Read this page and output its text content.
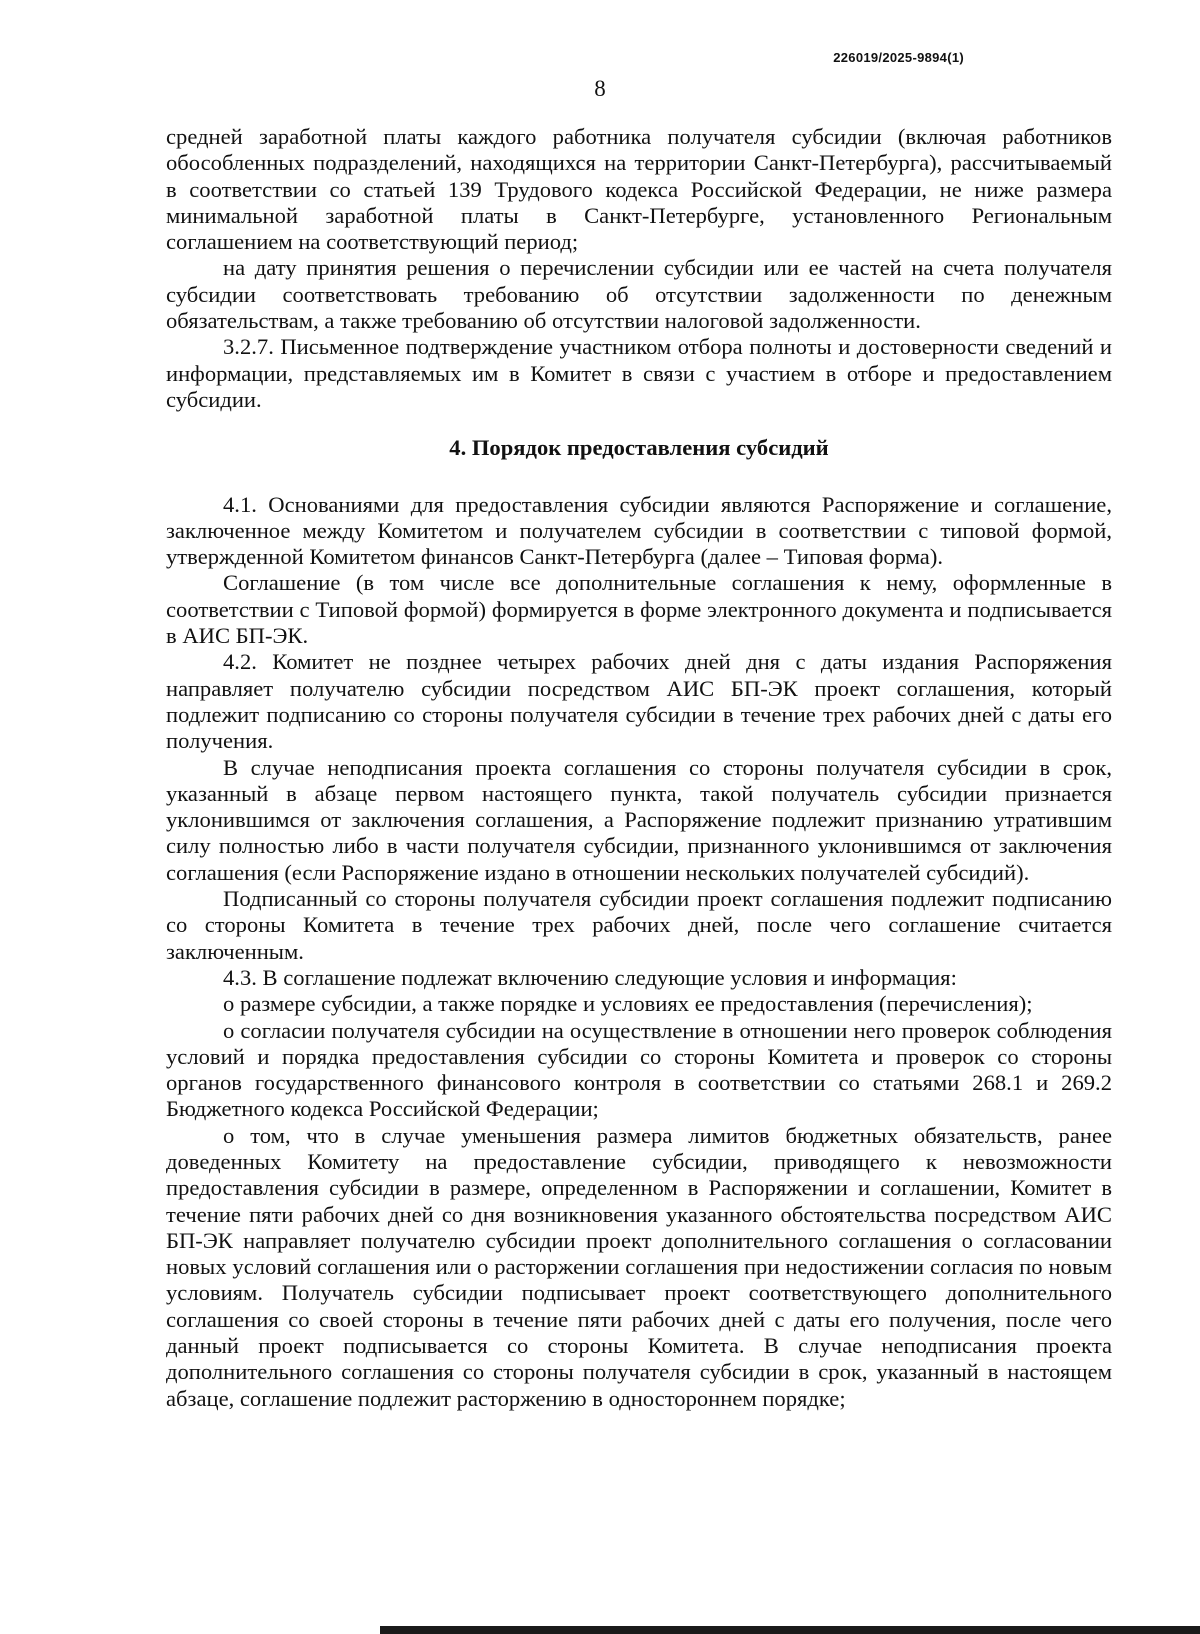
226019/2025-9894(1)
8

средней заработной платы каждого работника получателя субсидии (включая работников обособленных подразделений, находящихся на территории Санкт-Петербурга), рассчитываемый в соответствии со статьей 139 Трудового кодекса Российской Федерации, не ниже размера минимальной заработной платы в Санкт-Петербурге, установленного Региональным соглашением на соответствующий период;

на дату принятия решения о перечислении субсидии или ее частей на счета получателя субсидии соответствовать требованию об отсутствии задолженности по денежным обязательствам, а также требованию об отсутствии налоговой задолженности.

3.2.7. Письменное подтверждение участником отбора полноты и достоверности сведений и информации, представляемых им в Комитет в связи с участием в отборе и предоставлением субсидии.

4. Порядок предоставления субсидий

4.1. Основаниями для предоставления субсидии являются Распоряжение и соглашение, заключенное между Комитетом и получателем субсидии в соответствии с типовой формой, утвержденной Комитетом финансов Санкт-Петербурга (далее – Типовая форма).

Соглашение (в том числе все дополнительные соглашения к нему, оформленные в соответствии с Типовой формой) формируется в форме электронного документа и подписывается в АИС БП-ЭК.

4.2. Комитет не позднее четырех рабочих дней дня с даты издания Распоряжения направляет получателю субсидии посредством АИС БП-ЭК проект соглашения, который подлежит подписанию со стороны получателя субсидии в течение трех рабочих дней с даты его получения.

В случае неподписания проекта соглашения со стороны получателя субсидии в срок, указанный в абзаце первом настоящего пункта, такой получатель субсидии признается уклонившимся от заключения соглашения, а Распоряжение подлежит признанию утратившим силу полностью либо в части получателя субсидии, признанного уклонившимся от заключения соглашения (если Распоряжение издано в отношении нескольких получателей субсидий).

Подписанный со стороны получателя субсидии проект соглашения подлежит подписанию со стороны Комитета в течение трех рабочих дней, после чего соглашение считается заключенным.

4.3. В соглашение подлежат включению следующие условия и информация:

о размере субсидии, а также порядке и условиях ее предоставления (перечисления);

о согласии получателя субсидии на осуществление в отношении него проверок соблюдения условий и порядка предоставления субсидии со стороны Комитета и проверок со стороны органов государственного финансового контроля в соответствии со статьями 268.1 и 269.2 Бюджетного кодекса Российской Федерации;

о том, что в случае уменьшения размера лимитов бюджетных обязательств, ранее доведенных Комитету на предоставление субсидии, приводящего к невозможности предоставления субсидии в размере, определенном в Распоряжении и соглашении, Комитет в течение пяти рабочих дней со дня возникновения указанного обстоятельства посредством АИС БП-ЭК направляет получателю субсидии проект дополнительного соглашения о согласовании новых условий соглашения или о расторжении соглашения при недостижении согласия по новым условиям. Получатель субсидии подписывает проект соответствующего дополнительного соглашения со своей стороны в течение пяти рабочих дней с даты его получения, после чего данный проект подписывается со стороны Комитета. В случае неподписания проекта дополнительного соглашения со стороны получателя субсидии в срок, указанный в настоящем абзаце, соглашение подлежит расторжению в одностороннем порядке;
